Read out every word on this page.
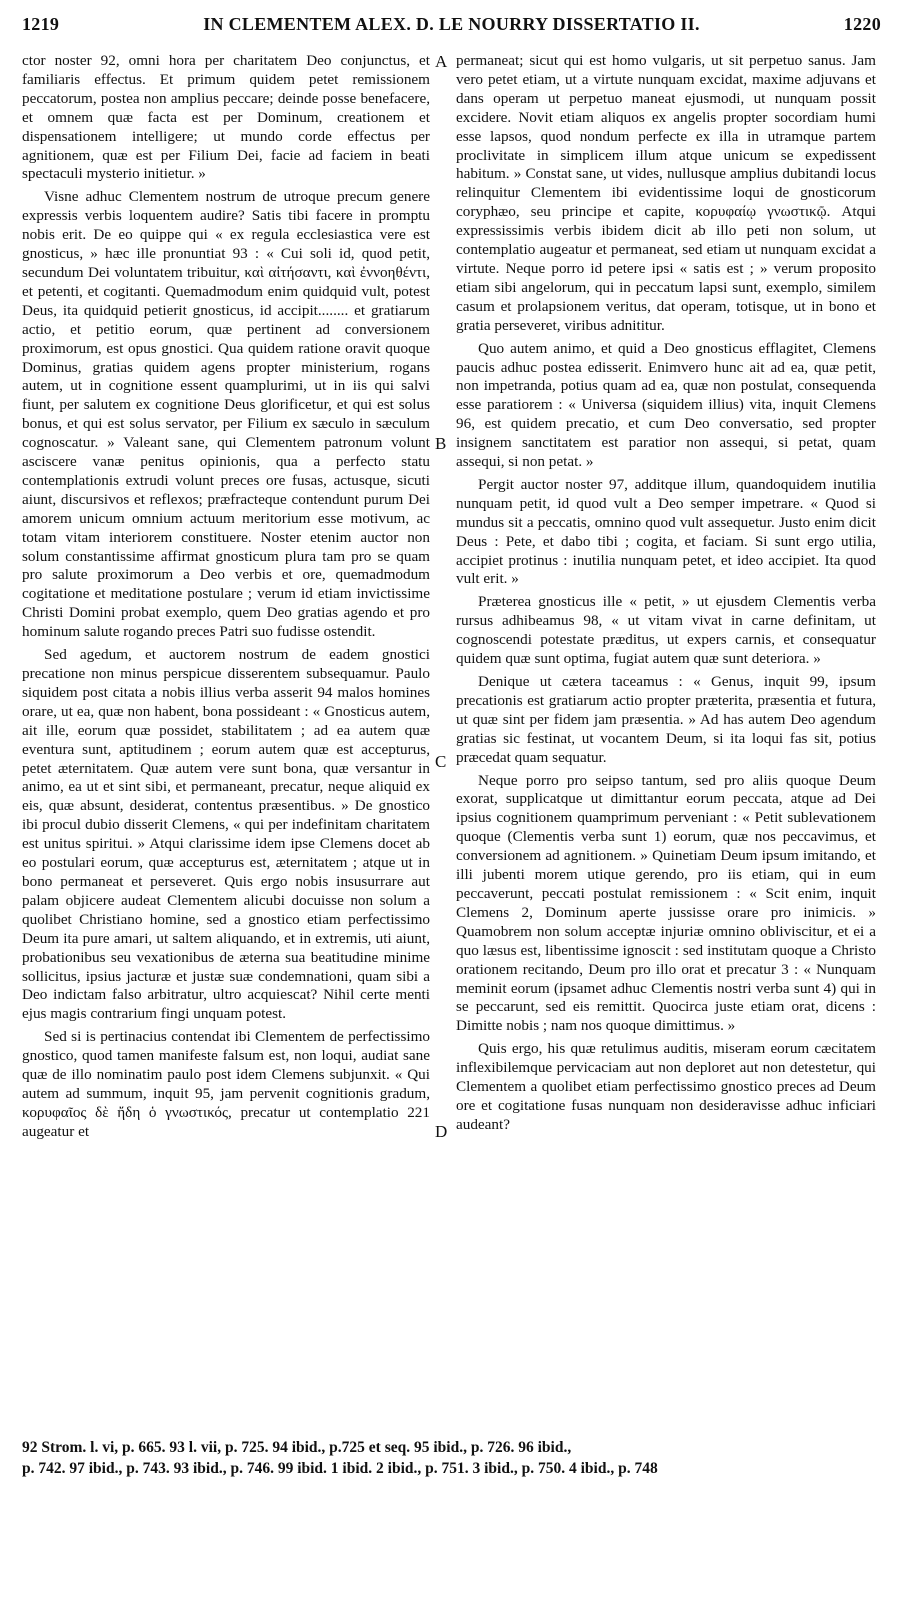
1219	IN CLEMENTEM ALEX. D. LE NOURRY DISSERTATIO II.	1220

ctor noster 92, omni hora per charitatem Deo conjunctus, et familiaris effectus. Et primum quidem petet remissionem peccatorum, postea non amplius peccare; deinde posse benefacere, et omnem quæ facta est per Dominum, creationem et dispensationem intelligere; ut mundo corde effectus per agnitionem, quæ est per Filium Dei, facie ad faciem in beati spectaculi mysterio initietur. »

Visne adhuc Clementem nostrum de utroque precum genere expressis verbis loquentem audire? Satis tibi facere in promptu nobis erit. De eo quippe qui « ex regula ecclesiastica vere est gnosticus, » hæc ille pronuntiat 93 : « Cui soli id, quod petit, secundum Dei voluntatem tribuitur, καὶ αἰτήσαντι, καὶ ἐννοηθέντι, et petenti, et cogitanti. Quemadmodum enim quidquid vult, potest Deus, ita quidquid petierit gnosticus, id accipit........ et gratiarum actio, et petitio eorum, quæ pertinent ad conversionem proximorum, est opus gnostici. Qua quidem ratione oravit quoque Dominus, gratias quidem agens propter ministerium, rogans autem, ut in cognitione essent quamplurimi, ut in iis qui salvi fiunt, per salutem ex cognitione Deus glorificetur, et qui est solus bonus, et qui est solus servator, per Filium ex sæculo in sæculum cognoscatur. » Valeant sane, qui Clementem patronum volunt asciscere vanæ penitus opinionis, qua a perfecto statu contemplationis extrudi volunt preces ore fusas, actusque, sicuti aiunt, discursivos et reflexos; præfracteque contendunt purum Dei amorem unicum omnium actuum meritorium esse motivum, ac totam vitam interiorem constituere. Noster etenim auctor non solum constantissime affirmat gnosticum plura tam pro se quam pro salute proximorum a Deo verbis et ore, quemadmodum cogitatione et meditatione postulare ; verum id etiam invictissime Christi Domini probat exemplo, quem Deo gratias agendo et pro hominum salute rogando preces Patri suo fudisse ostendit.

Sed agedum, et auctorem nostrum de eadem gnostici precatione non minus perspicue disserentem subsequamur. Paulo siquidem post citata a nobis illius verba asserit 94 malos homines orare, ut ea, quæ non habent, bona possideant : « Gnosticus autem, ait ille, eorum quæ possidet, stabilitatem ; ad ea autem quæ eventura sunt, aptitudinem ; eorum autem quæ est accepturus, petet æternitatem. Quæ autem vere sunt bona, quæ versantur in animo, ea ut et sint sibi, et permaneant, precatur, neque aliquid ex eis, quæ absunt, desiderat, contentus præsentibus. » De gnostico ibi procul dubio disserit Clemens, « qui per indefinitam charitatem est unitus spiritui. » Atqui clarissime idem ipse Clemens docet ab eo postulari eorum, quæ accepturus est, æternitatem ; atque ut in bono permaneat et perseveret. Quis ergo nobis insusurrare aut palam objicere audeat Clementem alicubi docuisse non solum a quolibet Christiano homine, sed a gnostico etiam perfectissimo Deum ita pure amari, ut saltem aliquando, et in extremis, uti aiunt, probationibus seu vexationibus de æterna sua beatitudine minime sollicitus, ipsius jacturæ et justæ suæ condemnationi, quam sibi a Deo indictam falso arbitratur, ultro acquiescat? Nihil certe menti ejus magis contrarium fingi unquam potest.

Sed si is pertinacius contendat ibi Clementem de perfectissimo gnostico, quod tamen manifeste falsum est, non loqui, audiat sane quæ de illo nominatim paulo post idem Clemens subjunxit. « Qui autem ad summum, inquit 95, jam pervenit cognitionis gradum, κορυφαῖος δὲ ἤδη ὁ γνωστικός, precatur ut contemplatio 221 augeatur et

A
B
C
D

permaneat; sicut qui est homo vulgaris, ut sit perpetuo sanus. Jam vero petet etiam, ut a virtute nunquam excidat, maxime adjuvans et dans operam ut perpetuo maneat ejusmodi, ut nunquam possit excidere. Novit etiam aliquos ex angelis propter socordiam humi esse lapsos, quod nondum perfecte ex illa in utramque partem proclivitate in simplicem illum atque unicum se expedissent habitum. » Constat sane, ut vides, nullusque amplius dubitandi locus relinquitur Clementem ibi evidentissime loqui de gnosticorum coryphæo, seu principe et capite, κορυφαίῳ γνωστικῷ. Atqui expressissimis verbis ibidem dicit ab illo peti non solum, ut contemplatio augeatur et permaneat, sed etiam ut nunquam excidat a virtute. Neque porro id petere ipsi « satis est ; » verum proposito etiam sibi angelorum, qui in peccatum lapsi sunt, exemplo, similem casum et prolapsionem veritus, dat operam, totisque, ut in bono et gratia perseveret, viribus adnititur.

Quo autem animo, et quid a Deo gnosticus efflagitet, Clemens paucis adhuc postea edisserit. Enimvero hunc ait ad ea, quæ petit, non impetranda, potius quam ad ea, quæ non postulat, consequenda esse paratiorem : « Universa (siquidem illius) vita, inquit Clemens 96, est quidem precatio, et cum Deo conversatio, sed propter insignem sanctitatem est paratior non assequi, si petat, quam assequi, si non petat. »

Pergit auctor noster 97, additque illum, quandoquidem inutilia nunquam petit, id quod vult a Deo semper impetrare. « Quod si mundus sit a peccatis, omnino quod vult assequetur. Justo enim dicit Deus : Pete, et dabo tibi ; cogita, et faciam. Si sunt ergo utilia, accipiet protinus : inutilia nunquam petet, et ideo accipiet. Ita quod vult erit. »

Præterea gnosticus ille « petit, » ut ejusdem Clementis verba rursus adhibeamus 98, « ut vitam vivat in carne definitam, ut cognoscendi potestate præditus, ut expers carnis, et consequatur quidem quæ sunt optima, fugiat autem quæ sunt deteriora. »

Denique ut cætera taceamus : « Genus, inquit 99, ipsum precationis est gratiarum actio propter præterita, præsentia et futura, ut quæ sint per fidem jam præsentia. » Ad has autem Deo agendum gratias sic festinat, ut vocantem Deum, si ita loqui fas sit, potius præcedat quam sequatur.

Neque porro pro seipso tantum, sed pro aliis quoque Deum exorat, supplicatque ut dimittantur eorum peccata, atque ad Dei ipsius cognitionem quamprimum perveniant : « Petit sublevationem quoque (Clementis verba sunt 1) eorum, quæ nos peccavimus, et conversionem ad agnitionem. » Quinetiam Deum ipsum imitando, et illi jubenti morem utique gerendo, pro iis etiam, qui in eum peccaverunt, peccati postulat remissionem : « Scit enim, inquit Clemens 2, Dominum aperte jussisse orare pro inimicis. » Quamobrem non solum acceptæ injuriæ omnino obliviscitur, et ei a quo læsus est, libentissime ignoscit : sed institutam quoque a Christo orationem recitando, Deum pro illo orat et precatur 3 : « Nunquam meminit eorum (ipsamet adhuc Clementis nostri verba sunt 4) qui in se peccarunt, sed eis remittit. Quocirca juste etiam orat, dicens : Dimitte nobis ; nam nos quoque dimittimus. »

Quis ergo, his quæ retulimus auditis, miseram eorum cæcitatem inflexibilemque pervicaciam aut non deploret aut non detestetur, qui Clementem a quolibet etiam perfectissimo gnostico preces ad Deum ore et cogitatione fusas nunquam non desideravisse adhuc inficiari audeant?

92 Strom. l. vi, p. 665. 93 l. vii, p. 725. 94 ibid., p.725 et seq. 95 ibid., p. 726. 96 ibid.,
p. 742. 97 ibid., p. 743. 93 ibid., p. 746. 99 ibid. 1 ibid. 2 ibid., p. 751. 3 ibid., p. 750. 4 ibid., p. 748
